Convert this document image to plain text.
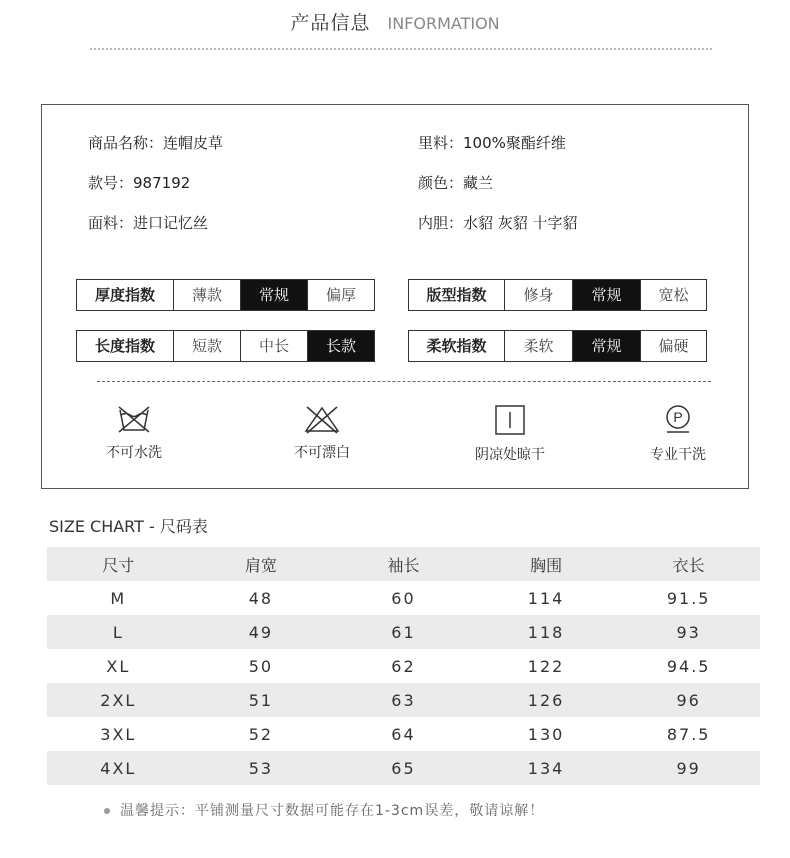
产品信息 INFORMATION
商品名称：连帽皮草
款号：987192
面料：进口记忆丝
里料：100%聚酯纤维
颜色：藏兰
内胆：水貂 灰貂 十字貂
厚度指数	薄款	常规	偏厚	版型指数	修身	常规	宽松
长度指数	短款	中长	长款	柔软指数	柔软	常规	偏硬
不可水洗	不可漂白	阴凉处晾干
P
专业干洗
SIZE CHART - 尺码表
尺寸	肩宽	袖长	胸围	衣长
M	48	60	114	91.5
L	49	61	118	93
XL	50	62	122	94.5
2XL	51	63	126	96
3XL	52	64	130	87.5
4XL	53	65	134	99
温馨提示：平铺测量尺寸数据可能存在1-3cm误差，敬请谅解！
